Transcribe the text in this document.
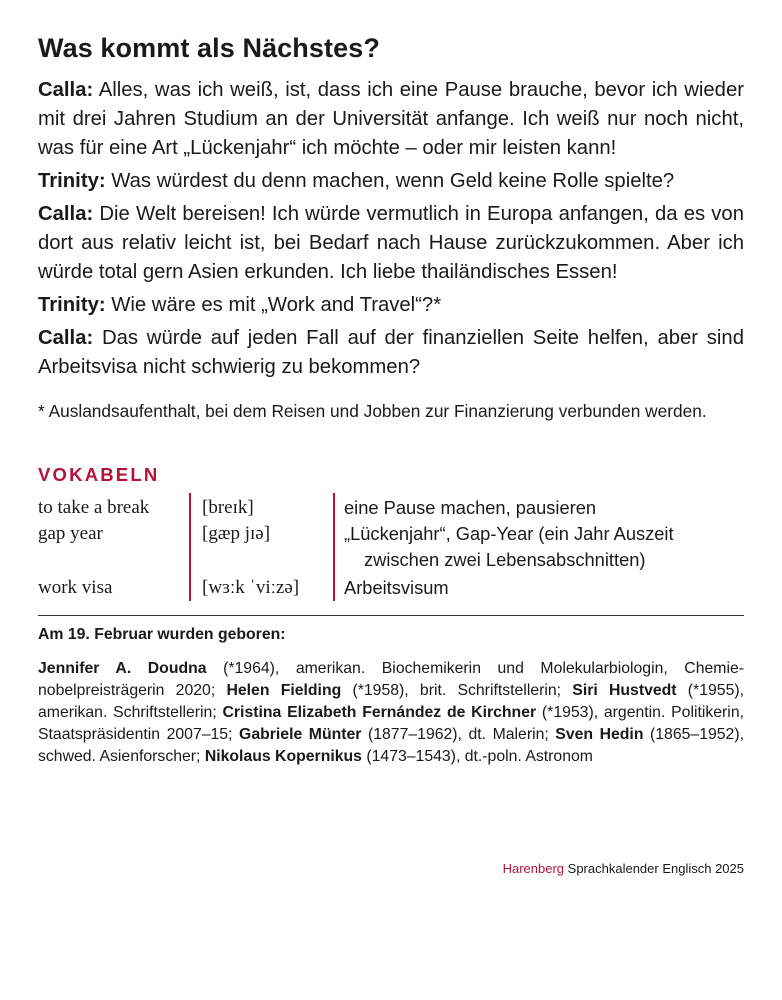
Was kommt als Nächstes?

Calla: Alles, was ich weiß, ist, dass ich eine Pause brauche, bevor ich wieder mit drei Jahren Studium an der Universität anfange. Ich weiß nur noch nicht, was für eine Art „Lückenjahr“ ich möchte – oder mir leisten kann!

Trinity: Was würdest du denn machen, wenn Geld keine Rolle spielte?

Calla: Die Welt bereisen! Ich würde vermutlich in Europa anfangen, da es von dort aus relativ leicht ist, bei Bedarf nach Hause zurückzukommen. Aber ich würde total gern Asien erkunden. Ich liebe thailändisches Essen!

Trinity: Wie wäre es mit „Work and Travel“?*

Calla: Das würde auf jeden Fall auf der finanziellen Seite helfen, aber sind Arbeitsvisa nicht schwierig zu bekommen?

* Auslandsaufenthalt, bei dem Reisen und Jobben zur Finanzierung verbunden werden.
VOKABELN
to take a break	[breɪk]	eine Pause machen, pausieren
gap year	[gæp jɪə]	„Lückenjahr“, Gap-Year (ein Jahr Auszeit
zwischen zwei Lebensabschnitten)
work visa	[wɜːk ˈviːzə] Arbeitsvisum
Am 19. Februar wurden geboren:
Jennifer A. Doudna (*1964), amerikan. Biochemikerin und Molekularbiologin, Chemienobelpreisträgerin 2020; Helen Fielding (*1958), brit. Schriftstellerin; Siri Hustvedt (*1955), amerikan. Schriftstellerin; Cristina Elizabeth Fernández de Kirchner (*1953), argentin. Politikerin, Staatspräsidentin 2007–15; Gabriele Münter (1877–1962), dt. Malerin; Sven Hedin (1865–1952), schwed. Asienforscher; Nikolaus Kopernikus (1473–1543), dt.-poln. Astronom
Harenberg Sprachkalender Englisch 2025
